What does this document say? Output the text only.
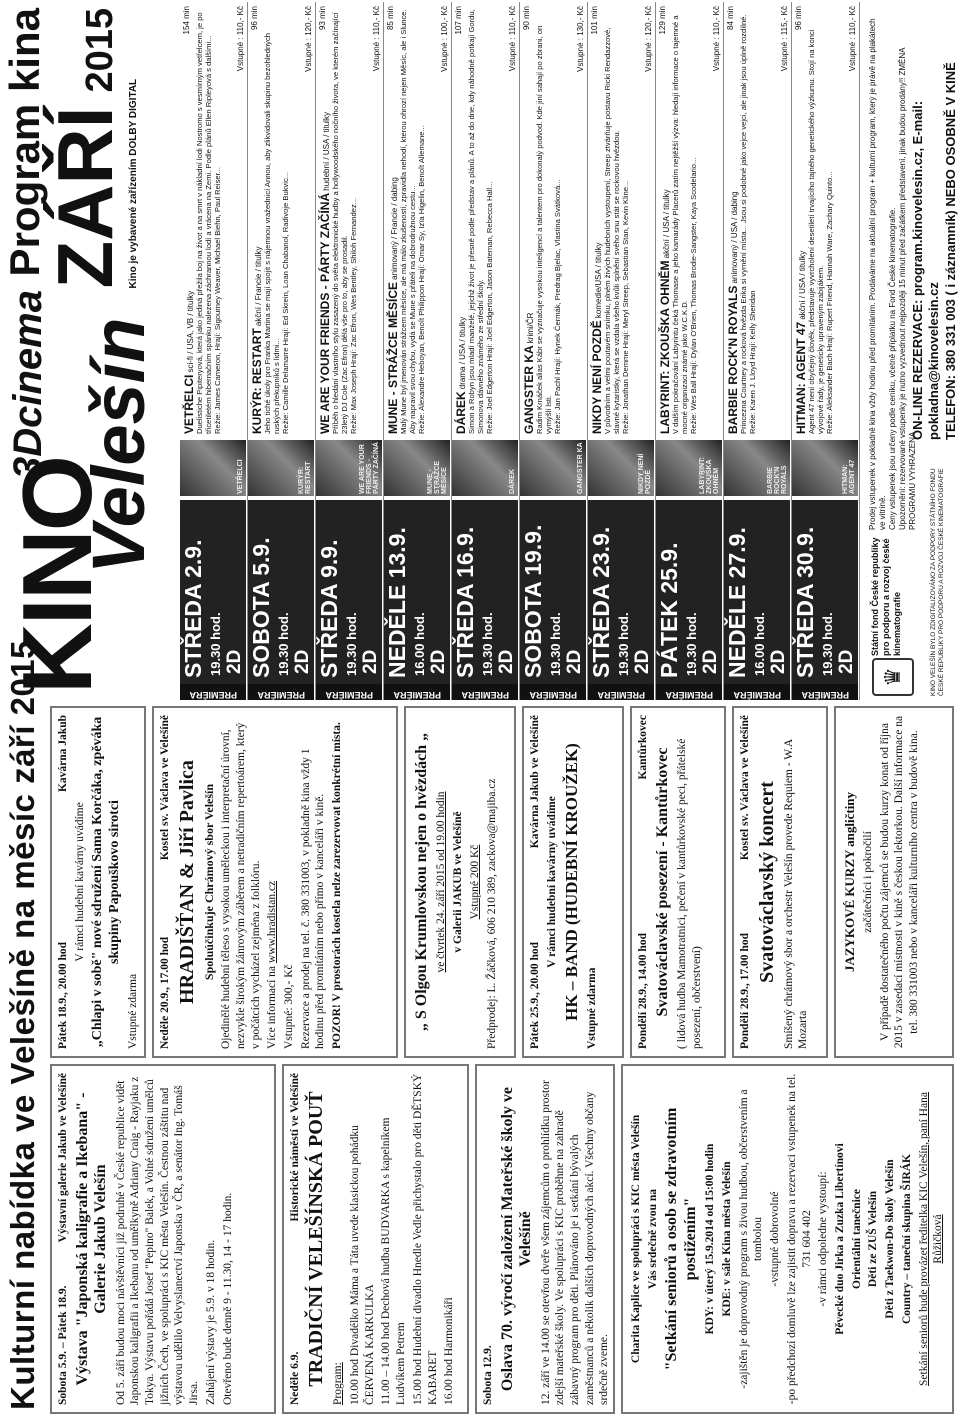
Kulturní nabídka ve Velešíně na měsíc září 2015 Sobota 5.9. – Pátek 18.9.
Výstavní galerie Jakub ve Velešíně Výstava "Japonská kaligrafie a Ikebana" - Galerie Jakub Velešín Od 5. září budou moci návštěvníci již podruhé v České republice vidět Japonskou kaligrafii a Ikebanu od umělkyně Adriany Craig - Rayjaku z Tokya. Výstavu pořádá Josef "Pepino" Balek, a Volné sdružení umělců jižních Čech, ve spolupráci s KIC města Velešín. Čestnou záštitu nad výstavou udělilo Velvyslanectví Japonska v ČR, a senátor Ing. Tomáš Jirsa. Zahájení výstavy je 5.9. v 18 hodin. Otevřeno bude denně 9 - 11.30, 14 - 17 hodin.	Neděle 6.9.
Historické náměstí ve Velešíně TRADIČNÍ VELEŠÍNSKÁ POUŤ Program: 10.00 hod Divadélko Máma a Táta uvede klasickou pohádku ČERVENÁ KARKULKA 11.00 – 14.00 hod Dechová hudba BUDVARKA s kapelníkem Ludvíkem Petrem 15.00 hod Hudební divadlo Hnedle Vedle přichystalo pro děti DĚTSKÝ KABARET 16.00 hod Harmonikáři Sobota 12.9. Oslava 70. výročí založení Mateřské školy ve Velešíně 12. září ve 14.00 se otevřou dveře všem zájemcům o prohlídku prostor zdejší mateřské školy. Ve spolupráci s KIC proběhne na zahradě zábavný program pro děti. Plánováno je i setkání bývalých zaměstnanců a několik dalších doprovodných akcí. Všechny občany srdečně zveme.

Charita Kaplice ve spolupráci s KIC města Velešín Vás srdečně zvou na "Setkání seniorů a osob se zdravotním postižením" KDY: v úterý 15.9.2014 od 15:00 hodin KDE: v sále Kina města Velešín -zajištěn je doprovodný program s živou hudbou, občerstvením a tombolou -vstupné dobrovolné -po předchozí domluvě lze zajistit dopravu a rezervaci vstupenek na tel. 731 604 402 -v rámci odpoledne vystoupí: Pěvecké duo Jirka a Zuzka Libertínovi Orientální tanečnice Děti ze ZUŠ Velešín Děti z Taekwon-Do školy Velešín Country – taneční skupina ŠIRÁK Setkání seniorů bude provázet ředitelka KIC Velešín, paní Hana Růžičková

Pátek 18.9., 20.00 hod
Kavárna Jakub

V rámci hudební kavárny uvádíme „Chlapi v sobě" nové sdružení Sama Korčáka, zpěváka skupiny Papouškovo sirotci

Vstupné zdarma Neděle 20.9., 17.00 hod
Kostel sv. Václava ve Velešíně HRADIŠŤAN & Jiří Pavlica Spoluúčinkuje Chrámový sbor Velešín Ojedinělé hudební těleso s vysokou uměleckou i interpretační úrovní, nezvykle širokým žánrovým záběrem a netradičním repertoárem, který v počátcích vycházel zejména z folklóru. Více informací na www.hradistan.cz

Vstupné: 300,- Kč Rezervace a prodej na tel. č. 380 331003, v pokladně kina vždy 1 hodinu před promítáním nebo přímo v kanceláři v kině. POZOR! V prostorách kostela nelze zarezervovat konkrétní místa.	„ S Olgou Krumlovskou nejen o hvězdách „ ve čtvrtek 24. září 2015 od 19.00 hodin v Galerii JAKUB ve Velešíně Vstupné 200 Kč Předprodej: L. Žáčková, 606 210 389, zackova@majiba.cz	Pátek 25.9., 20.00 hod
Kavárna Jakub ve Velešíně

V rámci hudební kavárny uvádíme HK – BAND (HUDEBNÍ KROUŽEK) Vstupné zdarma	Pondělí 28.9., 14.00 hod
Kantůrkovec
Svatováclavské posezení - Kantůrkovec ( lidová hudba Mamotratnici, pečení v kantůrkovské peci, přátelské posezení, občerstvení)	Pondělí 28.9., 17.00 hod
Kostel sv. Václava ve Velešíně Svatováclavský koncert Smíšený chrámový sbor a orchestr Velešín provede Requiem - W.A Mozarta

JAZYKOVÉ KURZY angličtiny začátečníci i pokročilí V případě dostatečného počtu zájemců se budou kurzy konat od října 2015 v zasedací místnosti v kině s českou lektorkou. Další informace na tel. 380 331003 nebo v kanceláři kulturního centra v budově kina.

KINO
3Dcinema Velešín
Program kina
ZÁŘÍ2015
Kino je vybavené zařízením DOLBY DIGITAL
PREMIÉRA
STŘEDA 2.9. 19.30 hod. 2D
VETŘELCI
VETŘELCI sci-fi / USA, VB / titulky Duelistiche Pipiteryová, která jako jediná přežila boj na život a na smrt v nákladní lodi Nostromo s vesmírným vetřelcem, je po třicetiletém hibernačním spánku nalezena záchrannou lodí a vrácena na Zemi. Podle plánů Ellen Ripleyová s dalšími... Režie: James Cameron, Hrají: Sigourney Weaver, Michael Biehn, Paul Reiser...
154 min	Vstupné : 110,- Kč
PREMIÉRA
SOBOTA 5.9. 19.30 hod. 2D
KURÝR: RESTART
KURÝR: RESTART akční / Francie / titulky Jeho tiché úkoly pro Franka Martina se mají spojit s nájemnou vražednicí Annou, aby zlikvidovali skupinu bezohledných ruských překupníků s lidmi... Režie: Camille Delamarre Hrají: Ed Skrein, Loan Chabanol, Radivoje Bukvic...
96 min	Vstupné : 120,- Kč
PREMIÉRA
STŘEDA 9.9. 19.30 hod. 2D
WE ARE YOUR FRIENDS - PÁRTY ZAČÍNÁ
WE ARE YOUR FRIENDS - PÁRTY ZAČÍNÁ hudební / USA / titulky Příběh o hledání vlastního stylu zasazený do světa elektronické hudby a hollywoodského nočního života, ve kterém začínající 23letý DJ Cole (Zac Efron) dělá vše pro to, aby se prosadil. Režie: Max Joseph Hrají: Zac Efron, Wes Bentley, Shiloh Fernandez...
93 min	Vstupné : 110,- Kč
PREMIÉRA
NEDĚLE 13.9. 16.00 hod. 2D
MUNE - STRÁŽCE MĚSÍCE
MUNE - STRÁŽCE MĚSÍCE animovaný / Francie / dabing Malý Mune byl jmenován strážcem měsíce, ale má málo zkušeností, zpravidla nehodí, kterou ohrozí nejen Měsíc, ale i Slunce. Aby napravil svou chybu, vydá se Mune s přáteli na dobrodružnou cestu... Režie: Alexandre Heboyan, Benoît Philippon Hrají: Omar Sy, Izïa Higelin, Benoît Allemane...
85 min	Vstupné : 100,- Kč
PREMIÉRA
STŘEDA 16.9. 19.30 hod. 2D
DÁREK
DÁREK drama / USA / titulky Simon a Robyn jsou mladí manželé, jejichž život je přesně podle představ a plánů. A to až do dne, kdy náhodně potkají Gordu, Simonova dávného známého ze střední školy. Režie: Joel Edgerton Hrají: Joel Edgerton, Jason Bateman, Rebecca Hall...
107 min	Vstupné : 110,- Kč
PREMIÉRA
SOBOTA 19.9. 19.30 hod. 2D
GANGSTER KA
GANGSTER KA krimi/ČR Radim Krnáček alias Kábr se vyznačuje vysokou inteligencí a talentem pro dokonalý podvod. Kde jiní sahají po zbrani, on vymýšlí lsti. Režie: Jan Pachl Hrají: Hynek Čermák, Predrag Bjelac, Vlastina Svátková...
90 min	Vstupné : 130,- Kč
PREMIÉRA
STŘEDA 23.9. 19.30 hod. 2D
NIKDY NENÍ POZDĚ
NIKDY NENÍ POZDĚ komedie/USA / titulky V původním a velmi poutavém snímku, plném živých hudebních vystoupení, Streep ztvárňuje postavu Ricki Rendazzové, slavné kytaristky, která se vzdala všeho kvůli splnění svého snu stát se rockovou hvězdou. Režie: Jonathan Demme Hrají: Meryl Streep, Sebastian Stan, Kevin Kline...
101 min	Vstupné : 120,- Kč
PREMIÉRA
PÁTEK 25.9. 19.30 hod. 2D
LABYRINT: ZKOUŠKA OHNĚM
LABYRINT: ZKOUŠKA OHNĚM akční / USA / titulky V dalším pokračování Labyrintu čeká Thomase a jeho kamarády Placerů zatím nejtěžší výzva: hledají informace o tajemné a mocné organizaci známé jako W.C.K.D. Režie: Wes Ball Hrají: Dylan O'Brien, Thomas Brodie-Sangster, Kaya Scodelario...
129 min	Vstupné : 110,- Kč
PREMIÉRA
NEDĚLE 27.9. 16.00 hod. 2D
BARBIE ROCK'N ROYALS
BARBIE ROCK'N ROYALS animovaný / USA / dabing Princezna Courtney a rocková hvězda Erika si vymění místa... Jsou si podobné jako vejce vejci, ale jinak jsou úplně rozdílné. Režie: Karen J. Lloyd Hrají: Kelly Sheridan
84 min	Vstupné : 115,- Kč
PREMIÉRA
STŘEDA 30.9. 19.30 hod. 2D
HITMAN: AGENT 47
HITMAN: AGENT 47 akční / USA / titulky Agent 47 není obyčejný člověk, představuje vyvrcholení desetiletí trvajícího tajného genetického výzkumu. Stojí na konci vývojové řady, je geneticky upraveným zabijákem. Režie: Aleksander Bach Hrají: Rupert Friend, Hannah Ware, Zachary Quinto...
96 min	Vstupné : 110,- Kč
♛
Státní fond České republiky pro podporu a rozvoj české kinematografie
Prodej vstupenek v pokladně kina vždy hodinu před promítáním. Prodáváme na aktuální program + kulturní program, který je právě na plakátech ve vitríně. Ceny vstupenek jsou určeny podle ceníku, včetně příplatku na Fond České kinematografie. Upozornění: rezervované vstupenky je nutno vyzvednout nejpozději 15 minut před začátkem představení, jinak budou prodány!! ZMĚNA PROGRAMU VYHRAZENA
ON-LINE REZERVACE: program.kinovelesin.cz, E-mail: pokladna@kinovelesin.cz TELEFON: 380 331 003 ( i záznamník) NEBO OSOBNĚ V KINĚ
KINO VELEŠÍN BYLO ZDIGITALIZOVÁNO ZA PODPORY STÁTNÍHO FONDU ČESKÉ REPUBLIKY PRO PODPORU A ROZVOJ ČESKÉ KINEMATOGRAFIE
